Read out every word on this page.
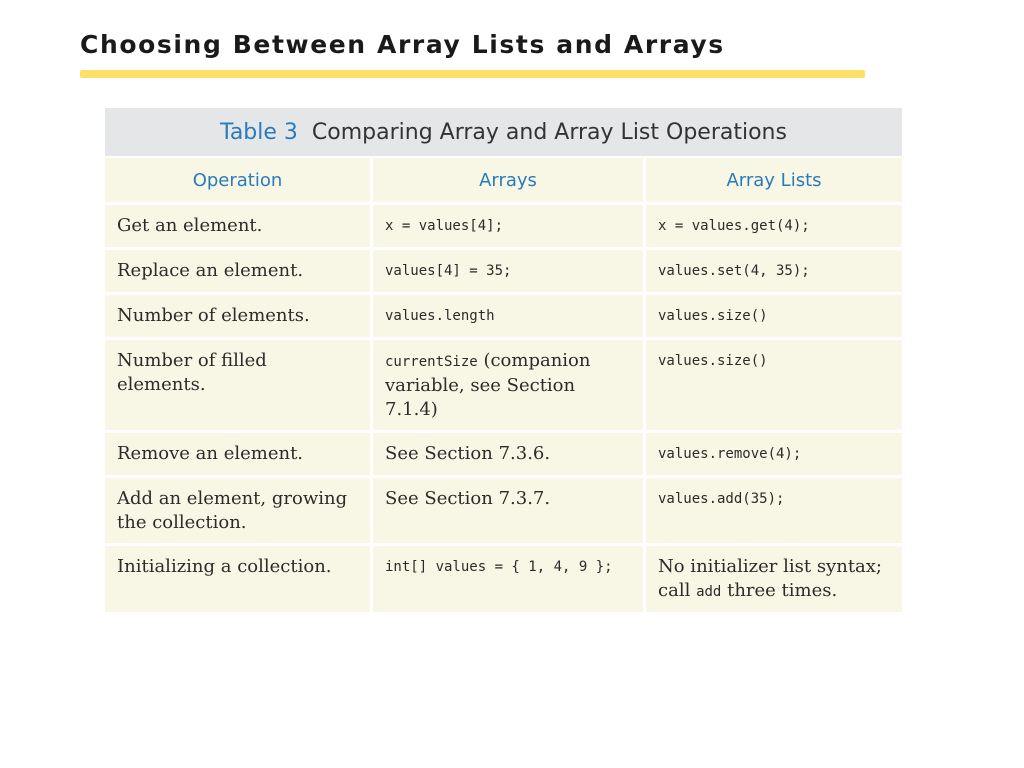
Choosing Between Array Lists and Arrays
Table 3 Comparing Array and Array List Operations
Operation	Arrays	Array Lists
Get an element.	x = values[4];	x = values.get(4);
Replace an element.	values[4] = 35;	values.set(4, 35);
Number of elements.	values.length	values.size()
Number of filled elements.	currentSize (companion variable, see Section 7.1.4)	values.size()
Remove an element.	See Section 7.3.6.	values.remove(4);
Add an element, growing the collection.	See Section 7.3.7.	values.add(35);
Initializing a collection.	int[] values = { 1, 4, 9 };	No initializer list syntax; call add three times.
